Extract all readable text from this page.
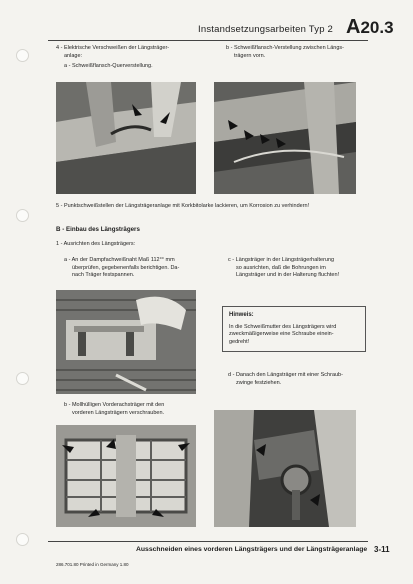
Instandsetzungsarbeiten Typ 2 A20.3
4 - Elektrische Verschweißen der Längsträger-
anlage:
a - Schweißflansch-Querverstellung.
b - Schweißflansch-Verstellung zwischen Längs-
trägern vorn.
5 - Punktschweißstellen der Längsträgeranlage mit Korkbitolarke lackieren, um Korrosion zu verhindern!
B - Einbau des Längsträgers
1 - Ausrichten des Längsträgers:
a - An der Dampfachweißnaht Maß 112°° mm
überprüfen, gegebenenfalls berichtigen. Da-
nach Träger festspannen.
c - Längsträger in der Längsträgerhalterung
so ausrichten, daß die Bohrungen im
Längsträger und in der Halterung fluchten!
Hinweis:
In die Schweißmutter des Längsträgers wird
zweckmäßigerweise eine Schraube einein-
gedreht!
d - Danach den Längsträger mit einer Schraub-
zwinge festziehen.
b - Mollhülligen Vorderachsträger mit den
vorderen Längsträgern verschrauben.
Ausschneiden eines vorderen Längsträgers und der Längsträgeranlage 3-11
286.701.80 Printed in Germany 1.80
